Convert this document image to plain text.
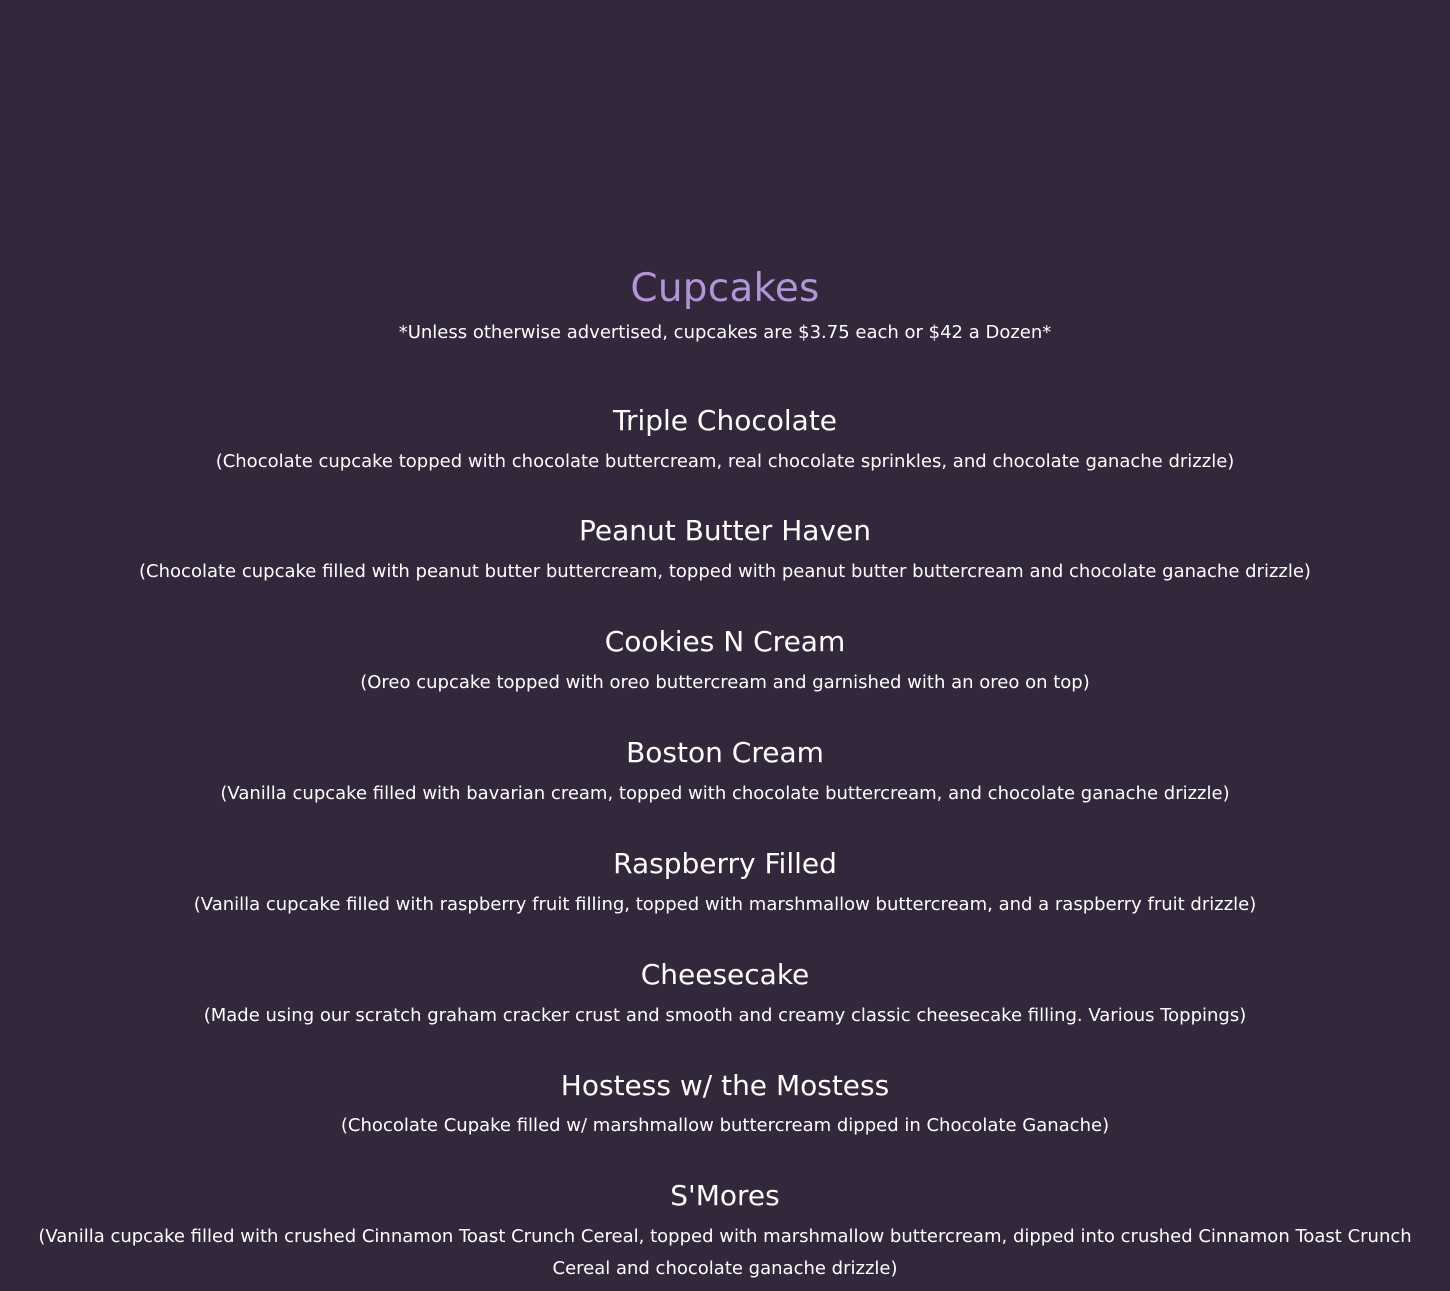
Cupcakes

*Unless otherwise advertised, cupcakes are $3.75 each or $42 a Dozen*

Triple Chocolate

(Chocolate cupcake topped with chocolate buttercream, real chocolate sprinkles, and chocolate ganache drizzle)

Peanut Butter Haven

(Chocolate cupcake filled with peanut butter buttercream, topped with peanut butter buttercream and chocolate ganache drizzle)

Cookies N Cream

(Oreo cupcake topped with oreo buttercream and garnished with an oreo on top)

Boston Cream

(Vanilla cupcake filled with bavarian cream, topped with chocolate buttercream, and chocolate ganache drizzle)

Raspberry Filled

(Vanilla cupcake filled with raspberry fruit filling, topped with marshmallow buttercream, and a raspberry fruit drizzle)

Cheesecake

(Made using our scratch graham cracker crust and smooth and creamy classic cheesecake filling. Various Toppings)

Hostess w/ the Mostess

(Chocolate Cupake filled w/ marshmallow buttercream dipped in Chocolate Ganache)

S'Mores

(Vanilla cupcake filled with crushed Cinnamon Toast Crunch Cereal, topped with marshmallow buttercream, dipped into crushed Cinnamon Toast Crunch Cereal and chocolate ganache drizzle)
